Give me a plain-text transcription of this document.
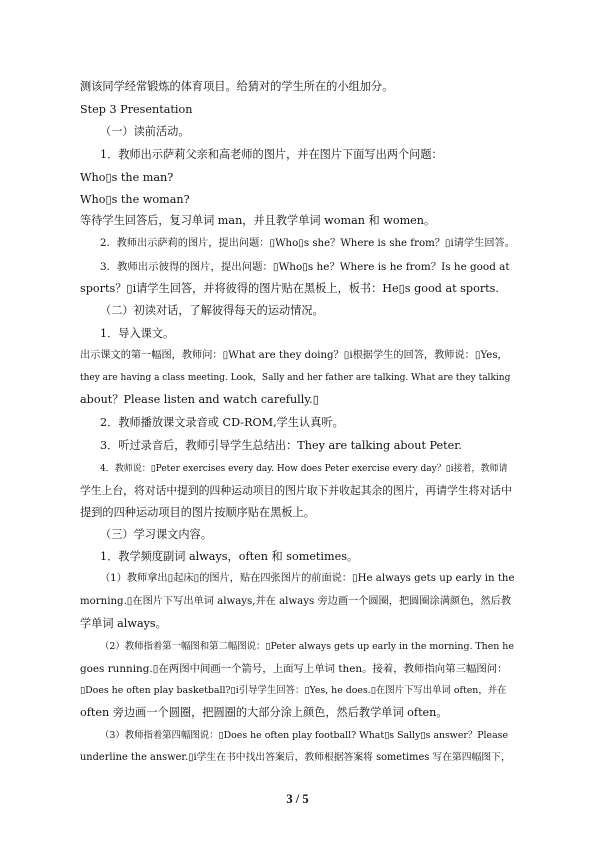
测该同学经常锻炼的体育项目。给猜对的学生所在的小组加分。

Step 3 Presentation

（一）读前活动。

1．教师出示萨莉父亲和高老师的图片，并在图片下面写出两个问题：

Who▯s the man?

Who▯s the woman?

等待学生回答后，复习单词 man，并且教学单词 woman 和 women。

2．教师出示萨莉的图片，提出问题：▯Who▯s she？Where is she from？▯i请学生回答。

3．教师出示彼得的图片，提出问题：▯Who▯s he？Where is he from？Is he good at

sports？▯i请学生回答，并将彼得的图片贴在黑板上，板书：He▯s good at sports.

（二）初读对话，了解彼得每天的运动情况。

1．导入课文。

出示课文的第一幅图，教师问：▯What are they doing？▯i根据学生的回答，教师说：▯Yes，

they are having a class meeting. Look，Sally and her father are talking. What are they talking

about？Please listen and watch carefully.▯

2．教师播放课文录音或 CD-ROM,学生认真听。

3．听过录音后，教师引导学生总结出：They are talking about Peter.

4．教师说：▯Peter exercises every day. How does Peter exercise every day？▯i接着，教师请

学生上台，将对话中提到的四种运动项目的图片取下并收起其余的图片，再请学生将对话中

提到的四种运动项目的图片按顺序贴在黑板上。

（三）学习课文内容。

1．教学频度副词 always，often 和 sometimes。

（1）教师拿出▯起床▯的图片，贴在四张图片的前面说：▯He always gets up early in the

morning.▯在图片下写出单词 always,并在 always 旁边画一个圆圈，把圆圈涂满颜色，然后教

学单词 always。

（2）教师指着第一幅图和第二幅图说：▯Peter always gets up early in the morning. Then he

goes running.▯在两图中间画一个箭号，上面写上单词 then。接着，教师指向第三幅图问：

▯Does he often play basketball?▯i引导学生回答：▯Yes, he does.▯在图片下写出单词 often，并在

often 旁边画一个圆圈，把圆圈的大部分涂上颜色，然后教学单词 often。

（3）教师指着第四幅图说：▯Does he often play football? What▯s Sally▯s answer？Please

underline the answer.▯i学生在书中找出答案后，教师根据答案将 sometimes 写在第四幅图下，

3 / 5
